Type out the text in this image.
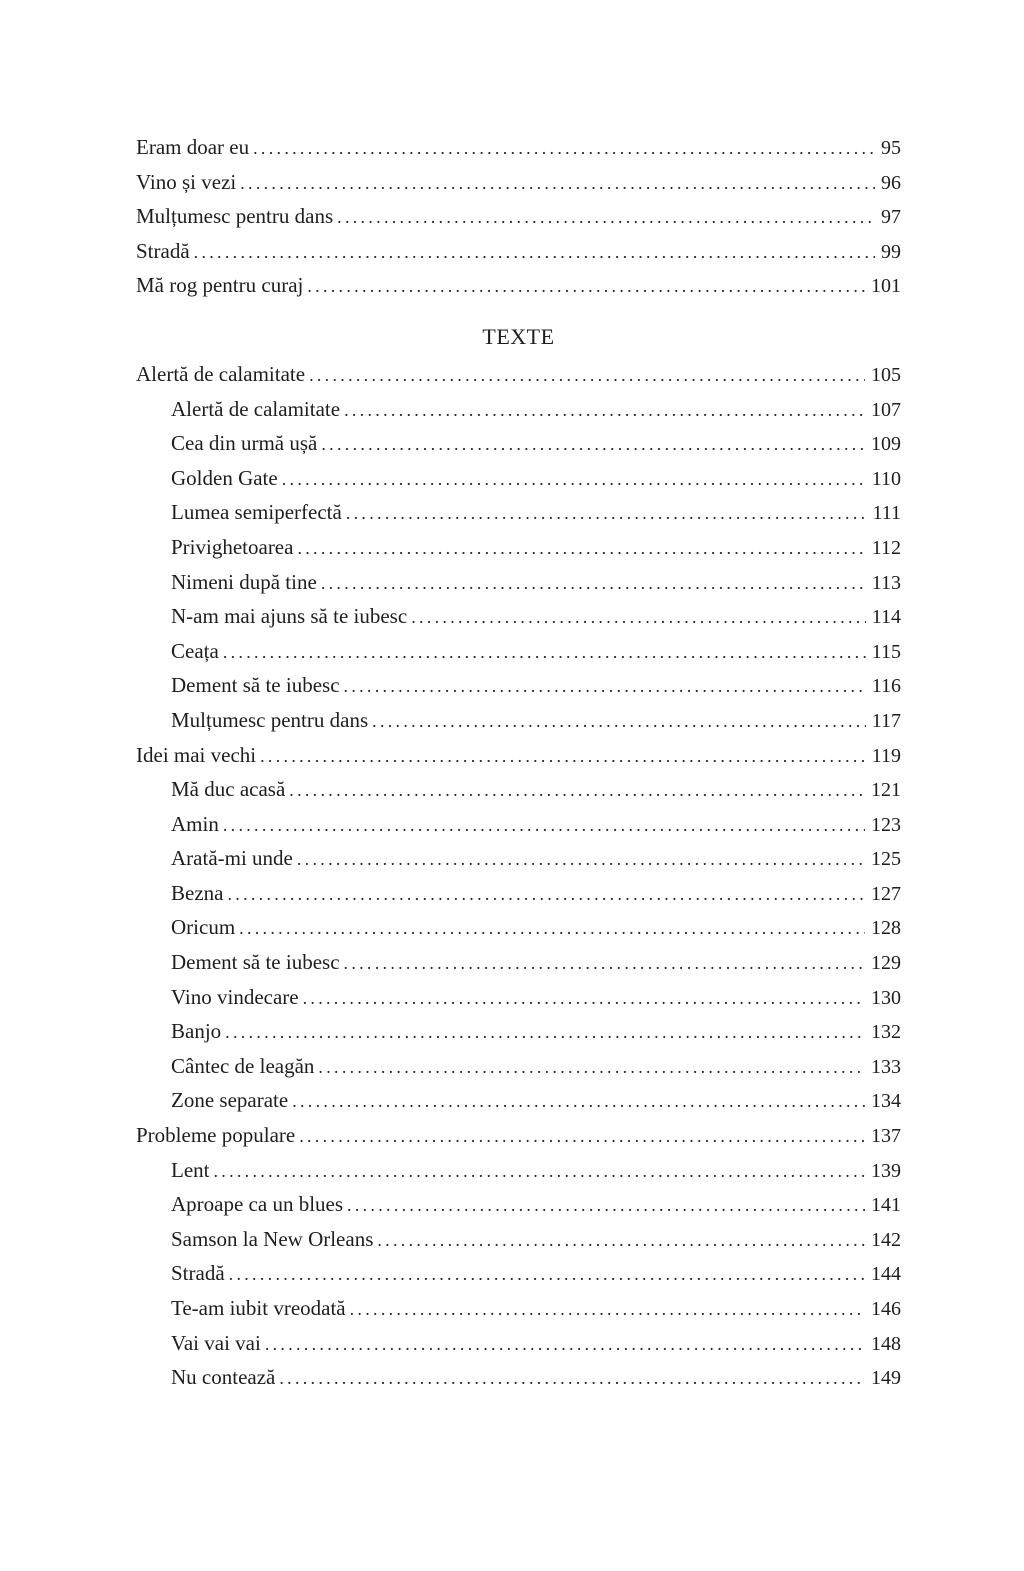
Eram doar eu . . .	95
Vino și vezi . . .	96
Mulțumesc pentru dans . . .	97
Stradă . . .	99
Mă rog pentru curaj . . .	101
TEXTE
Alertă de calamitate . . .	105
Alertă de calamitate . . .	107
Cea din urmă ușă . . .	109
Golden Gate . . .	110
Lumea semiperfectă . . .	111
Privighetoarea . . .	112
Nimeni după tine . . .	113
N-am mai ajuns să te iubesc . . .	114
Ceața . . .	115
Dement să te iubesc . . .	116
Mulțumesc pentru dans . . .	117
Idei mai vechi . . .	119
Mă duc acasă . . .	121
Amin . . .	123
Arată-mi unde . . .	125
Bezna . . .	127
Oricum . . .	128
Dement să te iubesc . . .	129
Vino vindecare . . .	130
Banjo . . .	132
Cântec de leagăn . . .	133
Zone separate . . .	134
Probleme populare . . .	137
Lent . . .	139
Aproape ca un blues . . .	141
Samson la New Orleans . . .	142
Stradă . . .	144
Te-am iubit vreodată . . .	146
Vai vai vai . . .	148
Nu contează . . .	149
